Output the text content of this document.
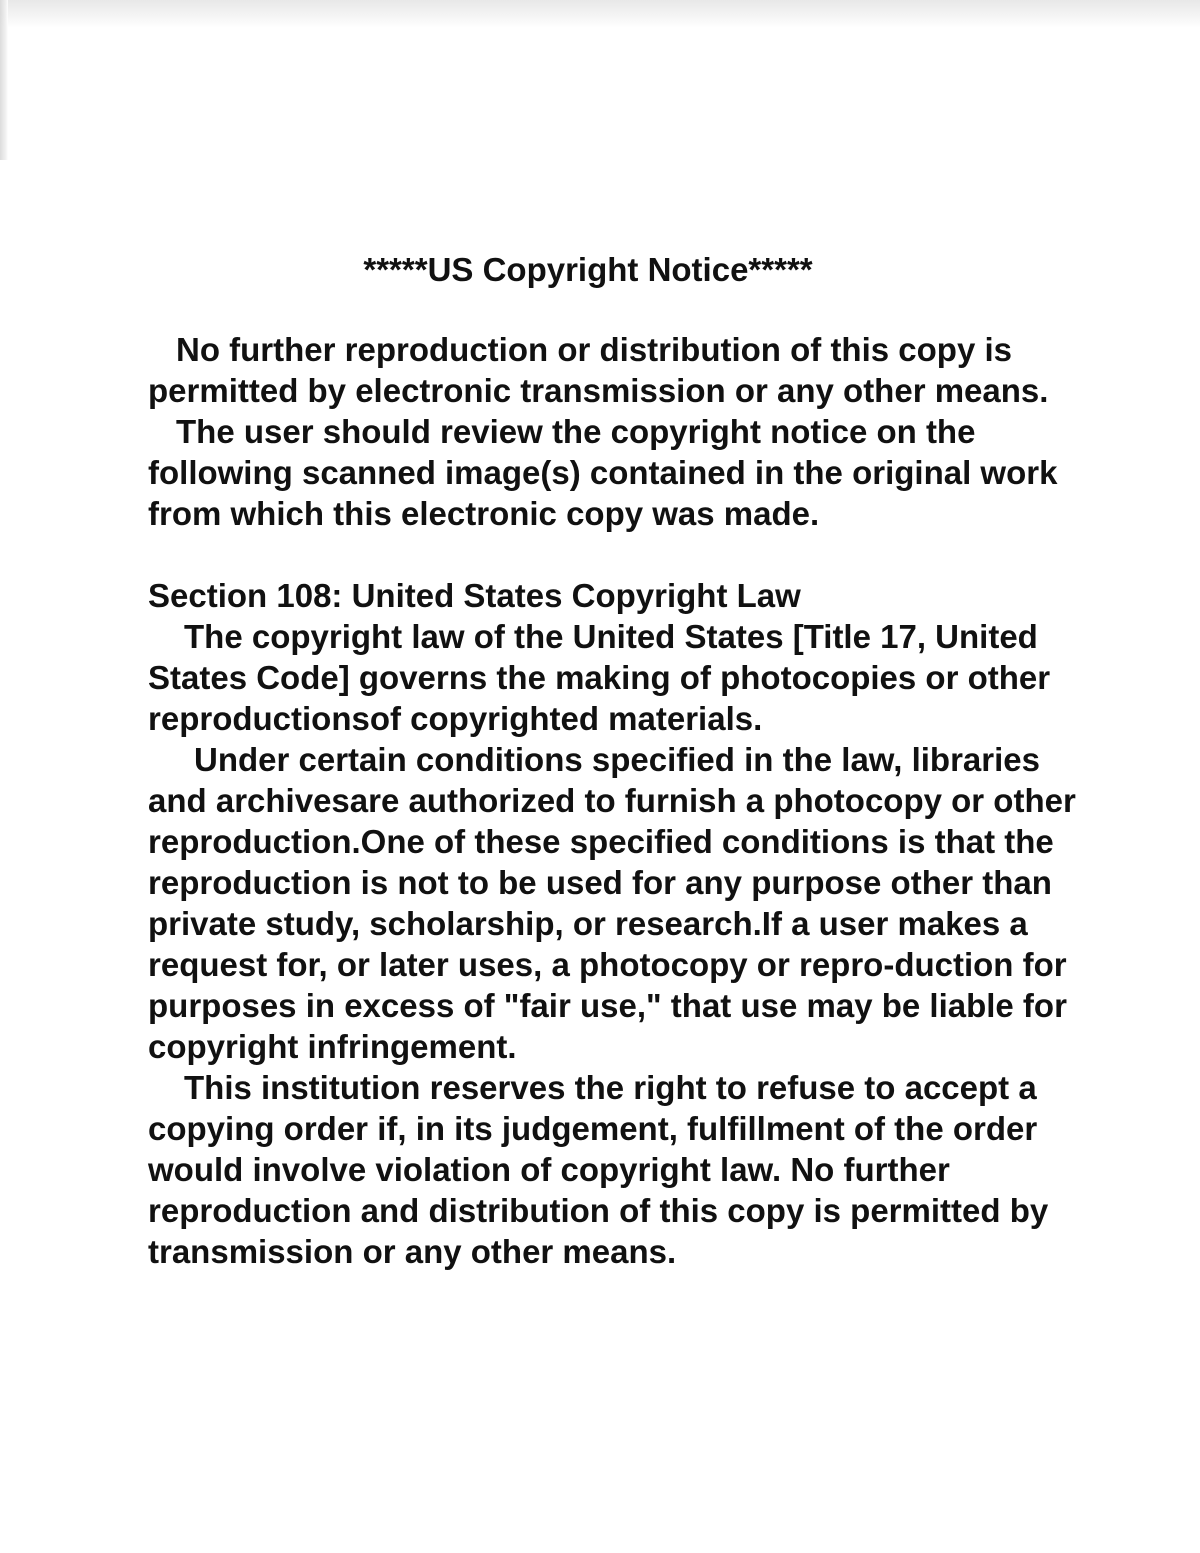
*****US Copyright Notice*****

No further reproduction or distribution of this copy is permitted by electronic transmission or any other means.

The user should review the copyright notice on the following scanned image(s) contained in the original work from which this electronic copy was made.

Section 108: United States Copyright Law

The copyright law of the United States [Title 17, United States Code] governs the making of photocopies or other reproductionsof copyrighted materials.

Under certain conditions specified in the law, libraries and archivesare authorized to furnish a photocopy or other reproduction.One of these specified conditions is that the reproduction is not to be used for any purpose other than private study, scholarship, or research.If a user makes a request for, or later uses, a photocopy or repro-duction for purposes in excess of "fair use," that use may be liable for copyright infringement.

This institution reserves the right to refuse to accept a copying order if, in its judgement, fulfillment of the order would involve violation of copyright law. No further reproduction and distribution of this copy is permitted by transmission or any other means.
